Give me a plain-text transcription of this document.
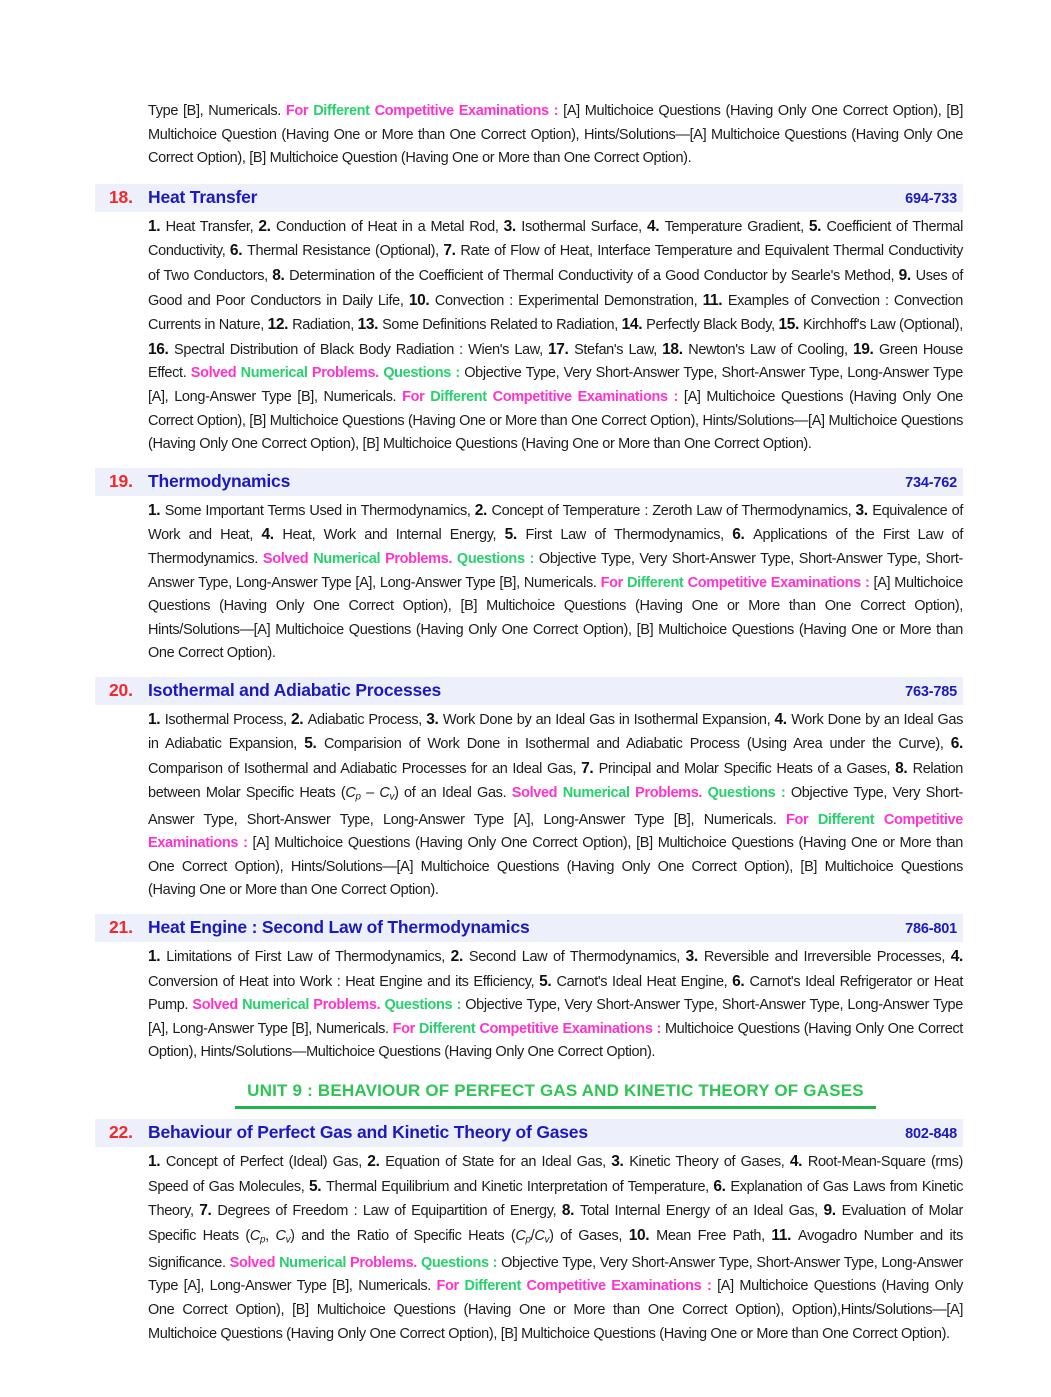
Type [B], Numericals. For Different Competitive Examinations : [A] Multichoice Questions (Having Only One Correct Option), [B] Multichoice Question (Having One or More than One Correct Option), Hints/Solutions—[A] Multichoice Questions (Having Only One Correct Option), [B] Multichoice Question (Having One or More than One Correct Option).

18. Heat Transfer	694-733

1. Heat Transfer, 2. Conduction of Heat in a Metal Rod, 3. Isothermal Surface, 4. Temperature Gradient, 5. Coefficient of Thermal Conductivity, 6. Thermal Resistance (Optional), 7. Rate of Flow of Heat, Interface Temperature and Equivalent Thermal Conductivity of Two Conductors, 8. Determination of the Coefficient of Thermal Conductivity of a Good Conductor by Searle's Method, 9. Uses of Good and Poor Conductors in Daily Life, 10. Convection : Experimental Demonstration, 11. Examples of Convection : Convection Currents in Nature, 12. Radiation, 13. Some Definitions Related to Radiation, 14. Perfectly Black Body, 15. Kirchhoff's Law (Optional), 16. Spectral Distribution of Black Body Radiation : Wien's Law, 17. Stefan's Law, 18. Newton's Law of Cooling, 19. Green House Effect. Solved Numerical Problems. Questions : Objective Type, Very Short-Answer Type, Short-Answer Type, Long-Answer Type [A], Long-Answer Type [B], Numericals. For Different Competitive Examinations : [A] Multichoice Questions (Having Only One Correct Option), [B] Multichoice Questions (Having One or More than One Correct Option), Hints/Solutions—[A] Multichoice Questions (Having Only One Correct Option), [B] Multichoice Questions (Having One or More than One Correct Option).

19. Thermodynamics	734-762

1. Some Important Terms Used in Thermodynamics, 2. Concept of Temperature : Zeroth Law of Thermodynamics, 3. Equivalence of Work and Heat, 4. Heat, Work and Internal Energy, 5. First Law of Thermodynamics, 6. Applications of the First Law of Thermodynamics. Solved Numerical Problems. Questions : Objective Type, Very Short-Answer Type, Short-Answer Type, Short-Answer Type, Long-Answer Type [A], Long-Answer Type [B], Numericals. For Different Competitive Examinations : [A] Multichoice Questions (Having Only One Correct Option), [B] Multichoice Questions (Having One or More than One Correct Option), Hints/Solutions—[A] Multichoice Questions (Having Only One Correct Option), [B] Multichoice Questions (Having One or More than One Correct Option).

20. Isothermal and Adiabatic Processes	763-785

1. Isothermal Process, 2. Adiabatic Process, 3. Work Done by an Ideal Gas in Isothermal Expansion, 4. Work Done by an Ideal Gas in Adiabatic Expansion, 5. Comparision of Work Done in Isothermal and Adiabatic Process (Using Area under the Curve), 6. Comparison of Isothermal and Adiabatic Processes for an Ideal Gas, 7. Principal and Molar Specific Heats of a Gases, 8. Relation between Molar Specific Heats (Cp – Cv) of an Ideal Gas. Solved Numerical Problems. Questions : Objective Type, Very Short-Answer Type, Short-Answer Type, Long-Answer Type [A], Long-Answer Type [B], Numericals. For Different Competitive Examinations : [A] Multichoice Questions (Having Only One Correct Option), [B] Multichoice Questions (Having One or More than One Correct Option), Hints/Solutions—[A] Multichoice Questions (Having Only One Correct Option), [B] Multichoice Questions (Having One or More than One Correct Option).

21. Heat Engine : Second Law of Thermodynamics	786-801

1. Limitations of First Law of Thermodynamics, 2. Second Law of Thermodynamics, 3. Reversible and Irreversible Processes, 4. Conversion of Heat into Work : Heat Engine and its Efficiency, 5. Carnot's Ideal Heat Engine, 6. Carnot's Ideal Refrigerator or Heat Pump. Solved Numerical Problems. Questions : Objective Type, Very Short-Answer Type, Short-Answer Type, Long-Answer Type [A], Long-Answer Type [B], Numericals. For Different Competitive Examinations : Multichoice Questions (Having Only One Correct Option), Hints/Solutions—Multichoice Questions (Having Only One Correct Option).

UNIT 9 : BEHAVIOUR OF PERFECT GAS AND KINETIC THEORY OF GASES
22. Behaviour of Perfect Gas and Kinetic Theory of Gases	802-848

1. Concept of Perfect (Ideal) Gas, 2. Equation of State for an Ideal Gas, 3. Kinetic Theory of Gases, 4. Root-Mean-Square (rms) Speed of Gas Molecules, 5. Thermal Equilibrium and Kinetic Interpretation of Temperature, 6. Explanation of Gas Laws from Kinetic Theory, 7. Degrees of Freedom : Law of Equipartition of Energy, 8. Total Internal Energy of an Ideal Gas, 9. Evaluation of Molar Specific Heats (Cp, Cv) and the Ratio of Specific Heats (Cp/Cv) of Gases, 10. Mean Free Path, 11. Avogadro Number and its Significance. Solved Numerical Problems. Questions : Objective Type, Very Short-Answer Type, Short-Answer Type, Long-Answer Type [A], Long-Answer Type [B], Numericals. For Different Competitive Examinations : [A] Multichoice Questions (Having Only One Correct Option), [B] Multichoice Questions (Having One or More than One Correct Option), Option),Hints/Solutions—[A] Multichoice Questions (Having Only One Correct Option), [B] Multichoice Questions (Having One or More than One Correct Option).
